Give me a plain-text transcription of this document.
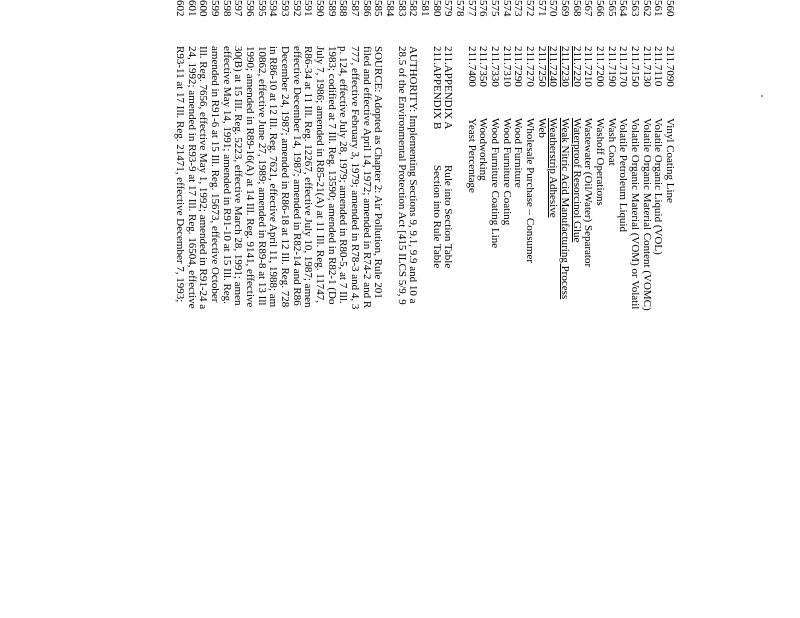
560
211.7090
Vinyl Coating Line
561
211.7110
Volatile Organic Liquid (VOL)
562
211.7130
Volatile Organic Material Content (VOMC)
563
211.7150
Volatile Organic Material (VOM) or Volatil
564
211.7170
Volatile Petroleum Liquid
565
211.7190
Wash Coat
566
211.7200
Washoff Operations
567
211.7210
Wastewater (Oil/Water) Separator
568
211.7220
Waterproof Resorcinol Glue
569
211.7230
Weak Nitric Acid Manufacturing Process
570
211.7240
Weatherstrip Adhesive
571
211.7250
Web
572
211.7270
Wholesale Purchase – Consumer
573
211.7290
Wood Furniture
574
211.7310
Wood Furniture Coating
575
211.7330
Wood Furniture Coating Line
576
211.7350
Woodworking
577
211.7400
Yeast Percentage
578
579
211.APPENDIX A
Rule into Section Table
580
211.APPENDIX B
Section into Rule Table
581
582
AUTHORITY: Implementing Sections 9, 9.1, 9.9 and 10 a
583
28.5 of the Environmental Protection Act [415 ILCS 5/9, 9
584
585
SOURCE: Adopted as Chapter 2: Air Pollution, Rule 201
586
filed and effective April 14, 1972; amended in R74-2 and R
587
777, effective February 3, 1979; amended in R78-3 and 4, 3
588
p. 124, effective July 28, 1979; amended in R80-5, at 7 Ill.
589
1983; codified at 7 Ill. Reg. 13590; amended in R82-1 (Do
590
July 7, 1986; amended in R85-21(A) at 11 Ill. Reg. 11747,
591
R86-34 at 11 Ill. Reg. 12267, effective July 10, 1987; amen
592
effective December 14, 1987; amended in R82-14 and R86
593
December 24, 1987; amended in R86-18 at 12 Ill. Reg. 728
594
in R86-10 at 12 Ill. Reg. 7621, effective April 11, 1988; am
595
10862, effective June 27, 1989; amended in R89-8 at 13 Ill
596
1990; amended in R89-16(A) at 14 Ill. Reg. 9141, effective
597
30(B) at 15 Ill. Reg. 5223, effective March 28, 1991; amen
598
effective May 14, 1991; amended in R91-10 at 15 Ill. Reg.
599
amended in R91-6 at 15 Ill. Reg. 15673, effective October
600
Ill. Reg. 7656, effective May 1, 1992; amended in R91-24 a
601
24, 1992; amended in R93-9 at 17 Ill. Reg. 16504, effective
602
R93-11 at 17 Ill. Reg. 21471, effective December 7, 1993;
